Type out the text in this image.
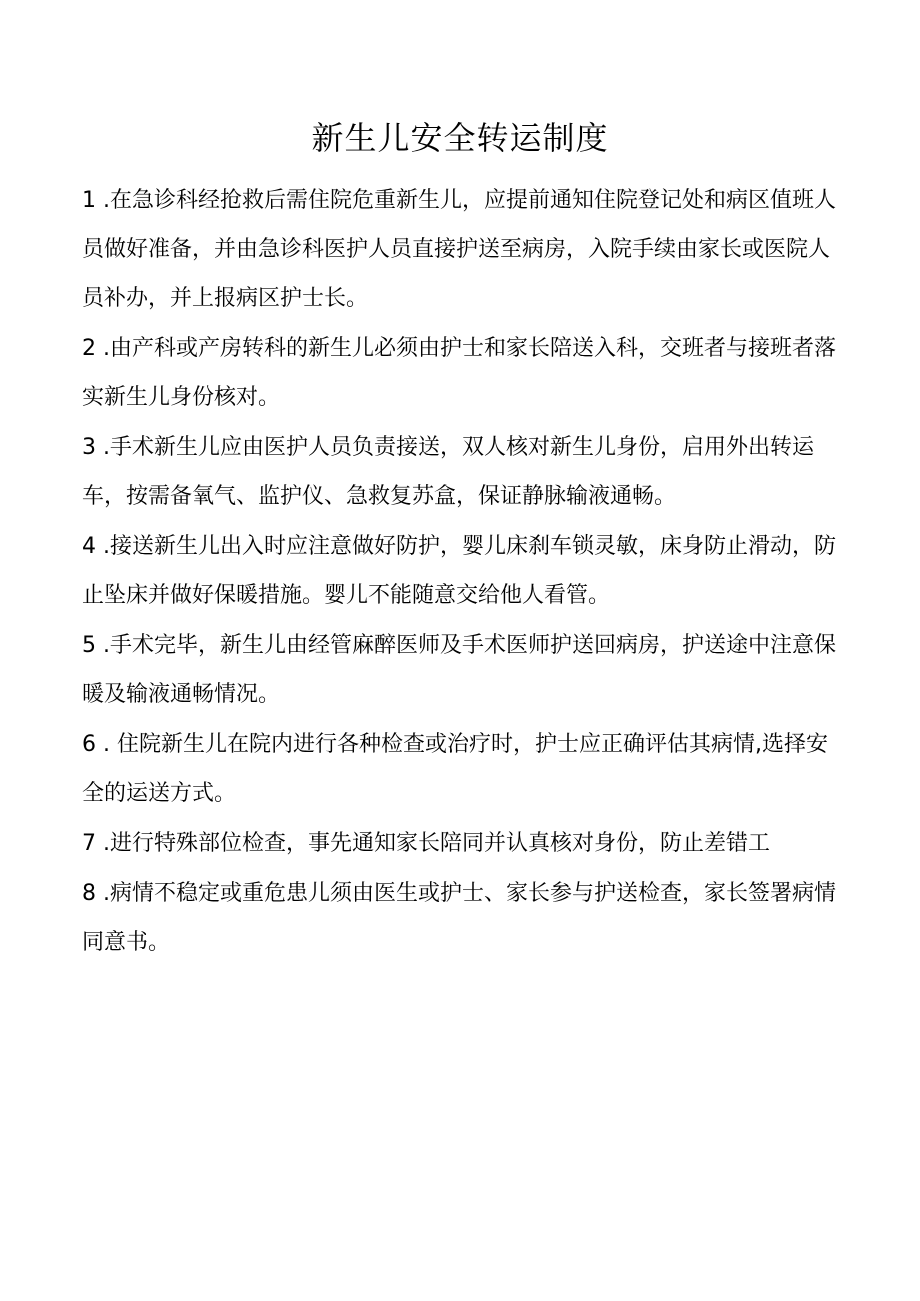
新生儿安全转运制度
1 .在急诊科经抢救后需住院危重新生儿，应提前通知住院登记处和病区值班人员做好准备，并由急诊科医护人员直接护送至病房，入院手续由家长或医院人员补办，并上报病区护士长。
2 .由产科或产房转科的新生儿必须由护士和家长陪送入科，交班者与接班者落实新生儿身份核对。
3 .手术新生儿应由医护人员负责接送，双人核对新生儿身份，启用外出转运车，按需备氧气、监护仪、急救复苏盒，保证静脉输液通畅。
4 .接送新生儿出入时应注意做好防护，婴儿床刹车锁灵敏，床身防止滑动，防止坠床并做好保暖措施。婴儿不能随意交给他人看管。
5 .手术完毕，新生儿由经管麻醉医师及手术医师护送回病房，护送途中注意保暖及输液通畅情况。
6 . 住院新生儿在院内进行各种检查或治疗时，护士应正确评估其病情,选择安全的运送方式。
7 .进行特殊部位检查，事先通知家长陪同并认真核对身份，防止差错工
8 .病情不稳定或重危患儿须由医生或护士、家长参与护送检查，家长签署病情同意书。
